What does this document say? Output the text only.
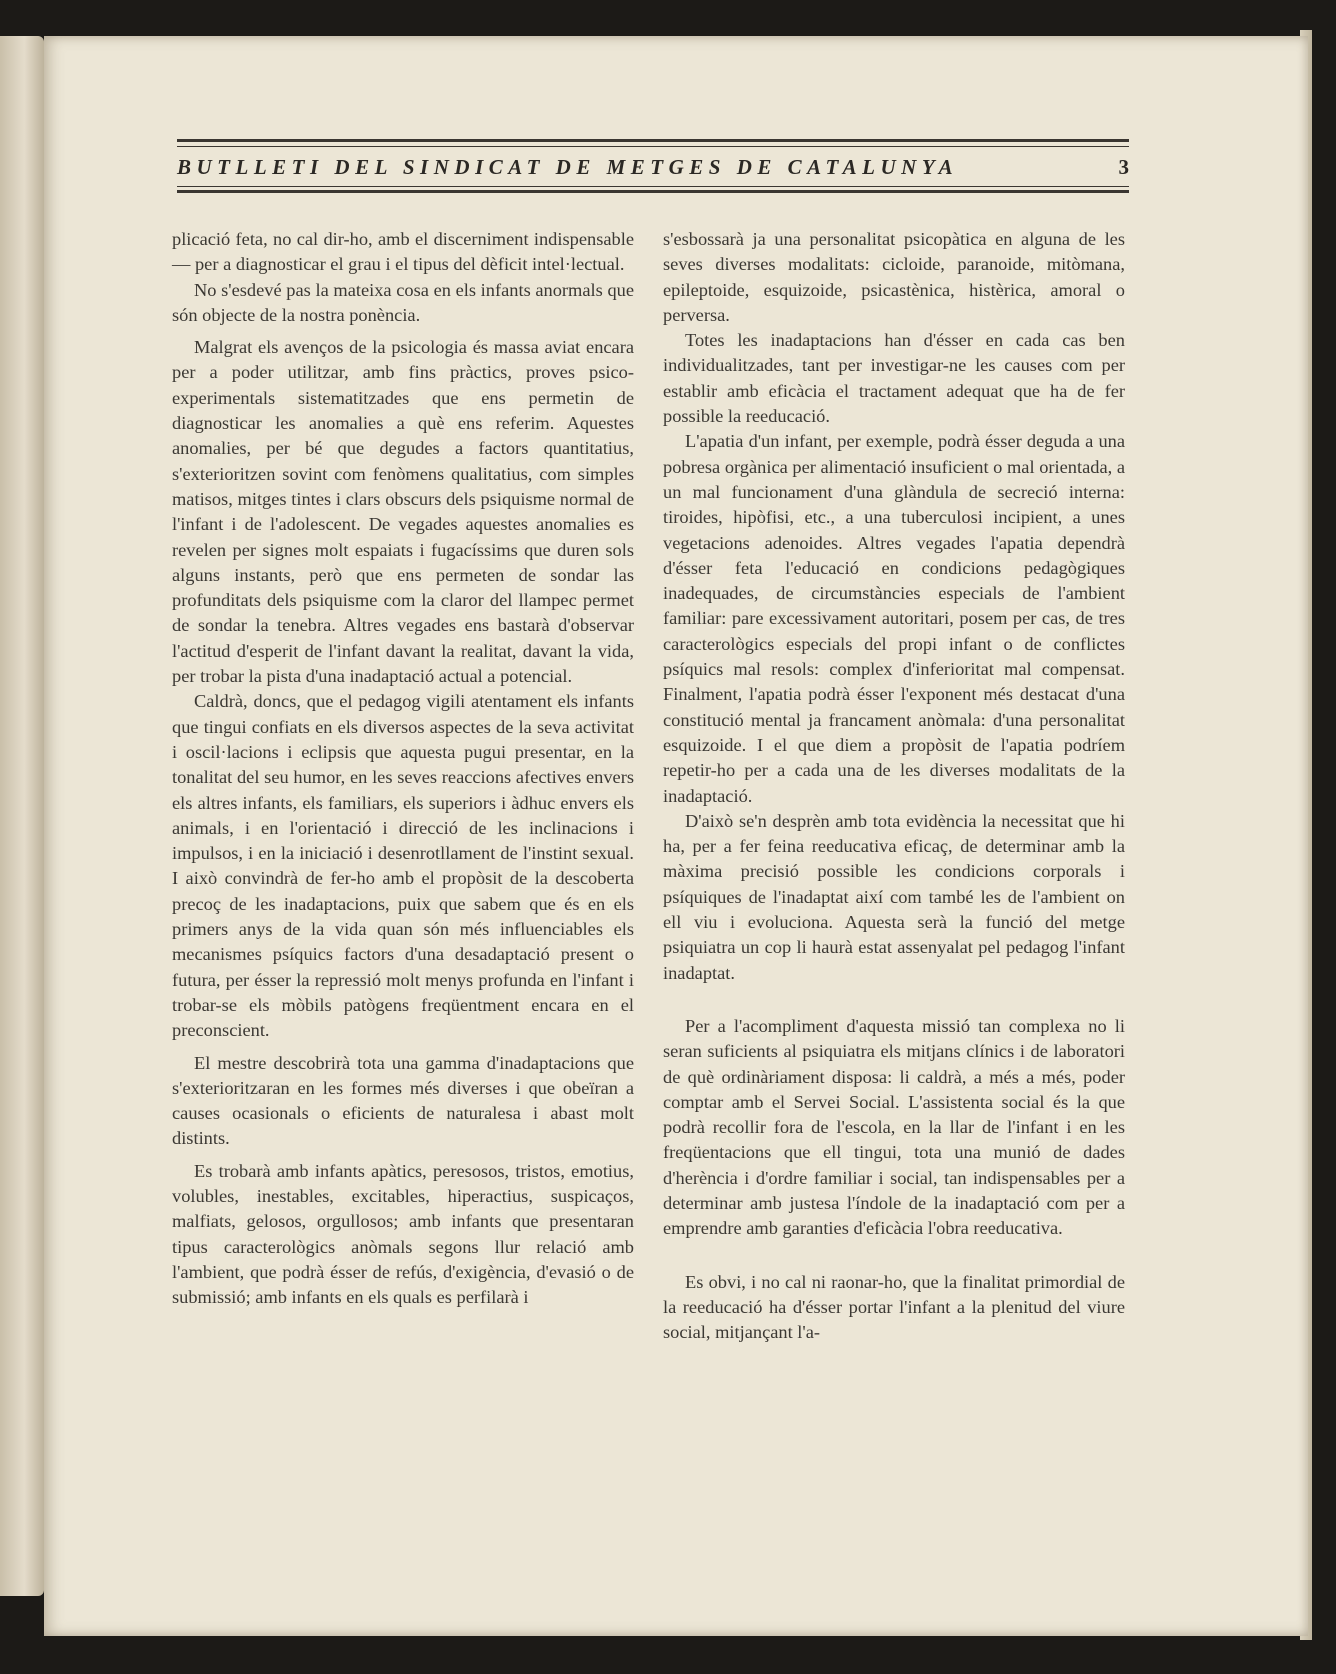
BUTLLETI DEL SINDICAT DE METGES DE CATALUNYA	3

plicació feta, no cal dir-ho, amb el discerniment indispensable — per a diagnosticar el grau i el tipus del dèficit intel·lectual.

No s'esdevé pas la mateixa cosa en els infants anormals que són objecte de la nostra ponència.

Malgrat els avenços de la psicologia és massa aviat encara per a poder utilitzar, amb fins pràctics, proves psico-experimentals sistematitzades que ens permetin de diagnosticar les anomalies a què ens referim. Aquestes anomalies, per bé que degudes a factors quantitatius, s'exterioritzen sovint com fenòmens qualitatius, com simples matisos, mitges tintes i clars obscurs dels psiquisme normal de l'infant i de l'adolescent. De vegades aquestes anomalies es revelen per signes molt espaiats i fugacíssims que duren sols alguns instants, però que ens permeten de sondar las profunditats dels psiquisme com la claror del llampec permet de sondar la tenebra. Altres vegades ens bastarà d'observar l'actitud d'esperit de l'infant davant la realitat, davant la vida, per trobar la pista d'una inadaptació actual a potencial.

Caldrà, doncs, que el pedagog vigili atentament els infants que tingui confiats en els diversos aspectes de la seva activitat i oscil·lacions i eclipsis que aquesta pugui presentar, en la tonalitat del seu humor, en les seves reaccions afectives envers els altres infants, els familiars, els superiors i àdhuc envers els animals, i en l'orientació i direcció de les inclinacions i impulsos, i en la iniciació i desenrotllament de l'instint sexual. I això convindrà de fer-ho amb el propòsit de la descoberta precoç de les inadaptacions, puix que sabem que és en els primers anys de la vida quan són més influenciables els mecanismes psíquics factors d'una desadaptació present o futura, per ésser la repressió molt menys profunda en l'infant i trobar-se els mòbils patògens freqüentment encara en el preconscient.

El mestre descobrirà tota una gamma d'inadaptacions que s'exterioritzaran en les formes més diverses i que obeïran a causes ocasionals o eficients de naturalesa i abast molt distints.

Es trobarà amb infants apàtics, peresosos, tristos, emotius, volubles, inestables, excitables, hiperactius, suspicaços, malfiats, gelosos, orgullosos; amb infants que presentaran tipus caracterològics anòmals segons llur relació amb l'ambient, que podrà ésser de refús, d'exigència, d'evasió o de submissió; amb infants en els quals es perfilarà i

s'esbossarà ja una personalitat psicopàtica en alguna de les seves diverses modalitats: cicloide, paranoide, mitòmana, epileptoide, esquizoide, psicastènica, histèrica, amoral o perversa.

Totes les inadaptacions han d'ésser en cada cas ben individualitzades, tant per investigar-ne les causes com per establir amb eficàcia el tractament adequat que ha de fer possible la reeducació.

L'apatia d'un infant, per exemple, podrà ésser deguda a una pobresa orgànica per alimentació insuficient o mal orientada, a un mal funcionament d'una glàndula de secreció interna: tiroides, hipòfisi, etc., a una tuberculosi incipient, a unes vegetacions adenoides. Altres vegades l'apatia dependrà d'ésser feta l'educació en condicions pedagògiques inadequades, de circumstàncies especials de l'ambient familiar: pare excessivament autoritari, posem per cas, de tres caracterològics especials del propi infant o de conflictes psíquics mal resols: complex d'inferioritat mal compensat. Finalment, l'apatia podrà ésser l'exponent més destacat d'una constitució mental ja francament anòmala: d'una personalitat esquizoide. I el que diem a propòsit de l'apatia podríem repetir-ho per a cada una de les diverses modalitats de la inadaptació.

D'això se'n desprèn amb tota evidència la necessitat que hi ha, per a fer feina reeducativa eficaç, de determinar amb la màxima precisió possible les condicions corporals i psíquiques de l'inadaptat així com també les de l'ambient on ell viu i evoluciona. Aquesta serà la funció del metge psiquiatra un cop li haurà estat assenyalat pel pedagog l'infant inadaptat.

Per a l'acompliment d'aquesta missió tan complexa no li seran suficients al psiquiatra els mitjans clínics i de laboratori de què ordinàriament disposa: li caldrà, a més a més, poder comptar amb el Servei Social. L'assistenta social és la que podrà recollir fora de l'escola, en la llar de l'infant i en les freqüentacions que ell tingui, tota una munió de dades d'herència i d'ordre familiar i social, tan indispensables per a determinar amb justesa l'índole de la inadaptació com per a emprendre amb garanties d'eficàcia l'obra reeducativa.

Es obvi, i no cal ni raonar-ho, que la finalitat primordial de la reeducació ha d'ésser portar l'infant a la plenitud del viure social, mitjançant l'a-
